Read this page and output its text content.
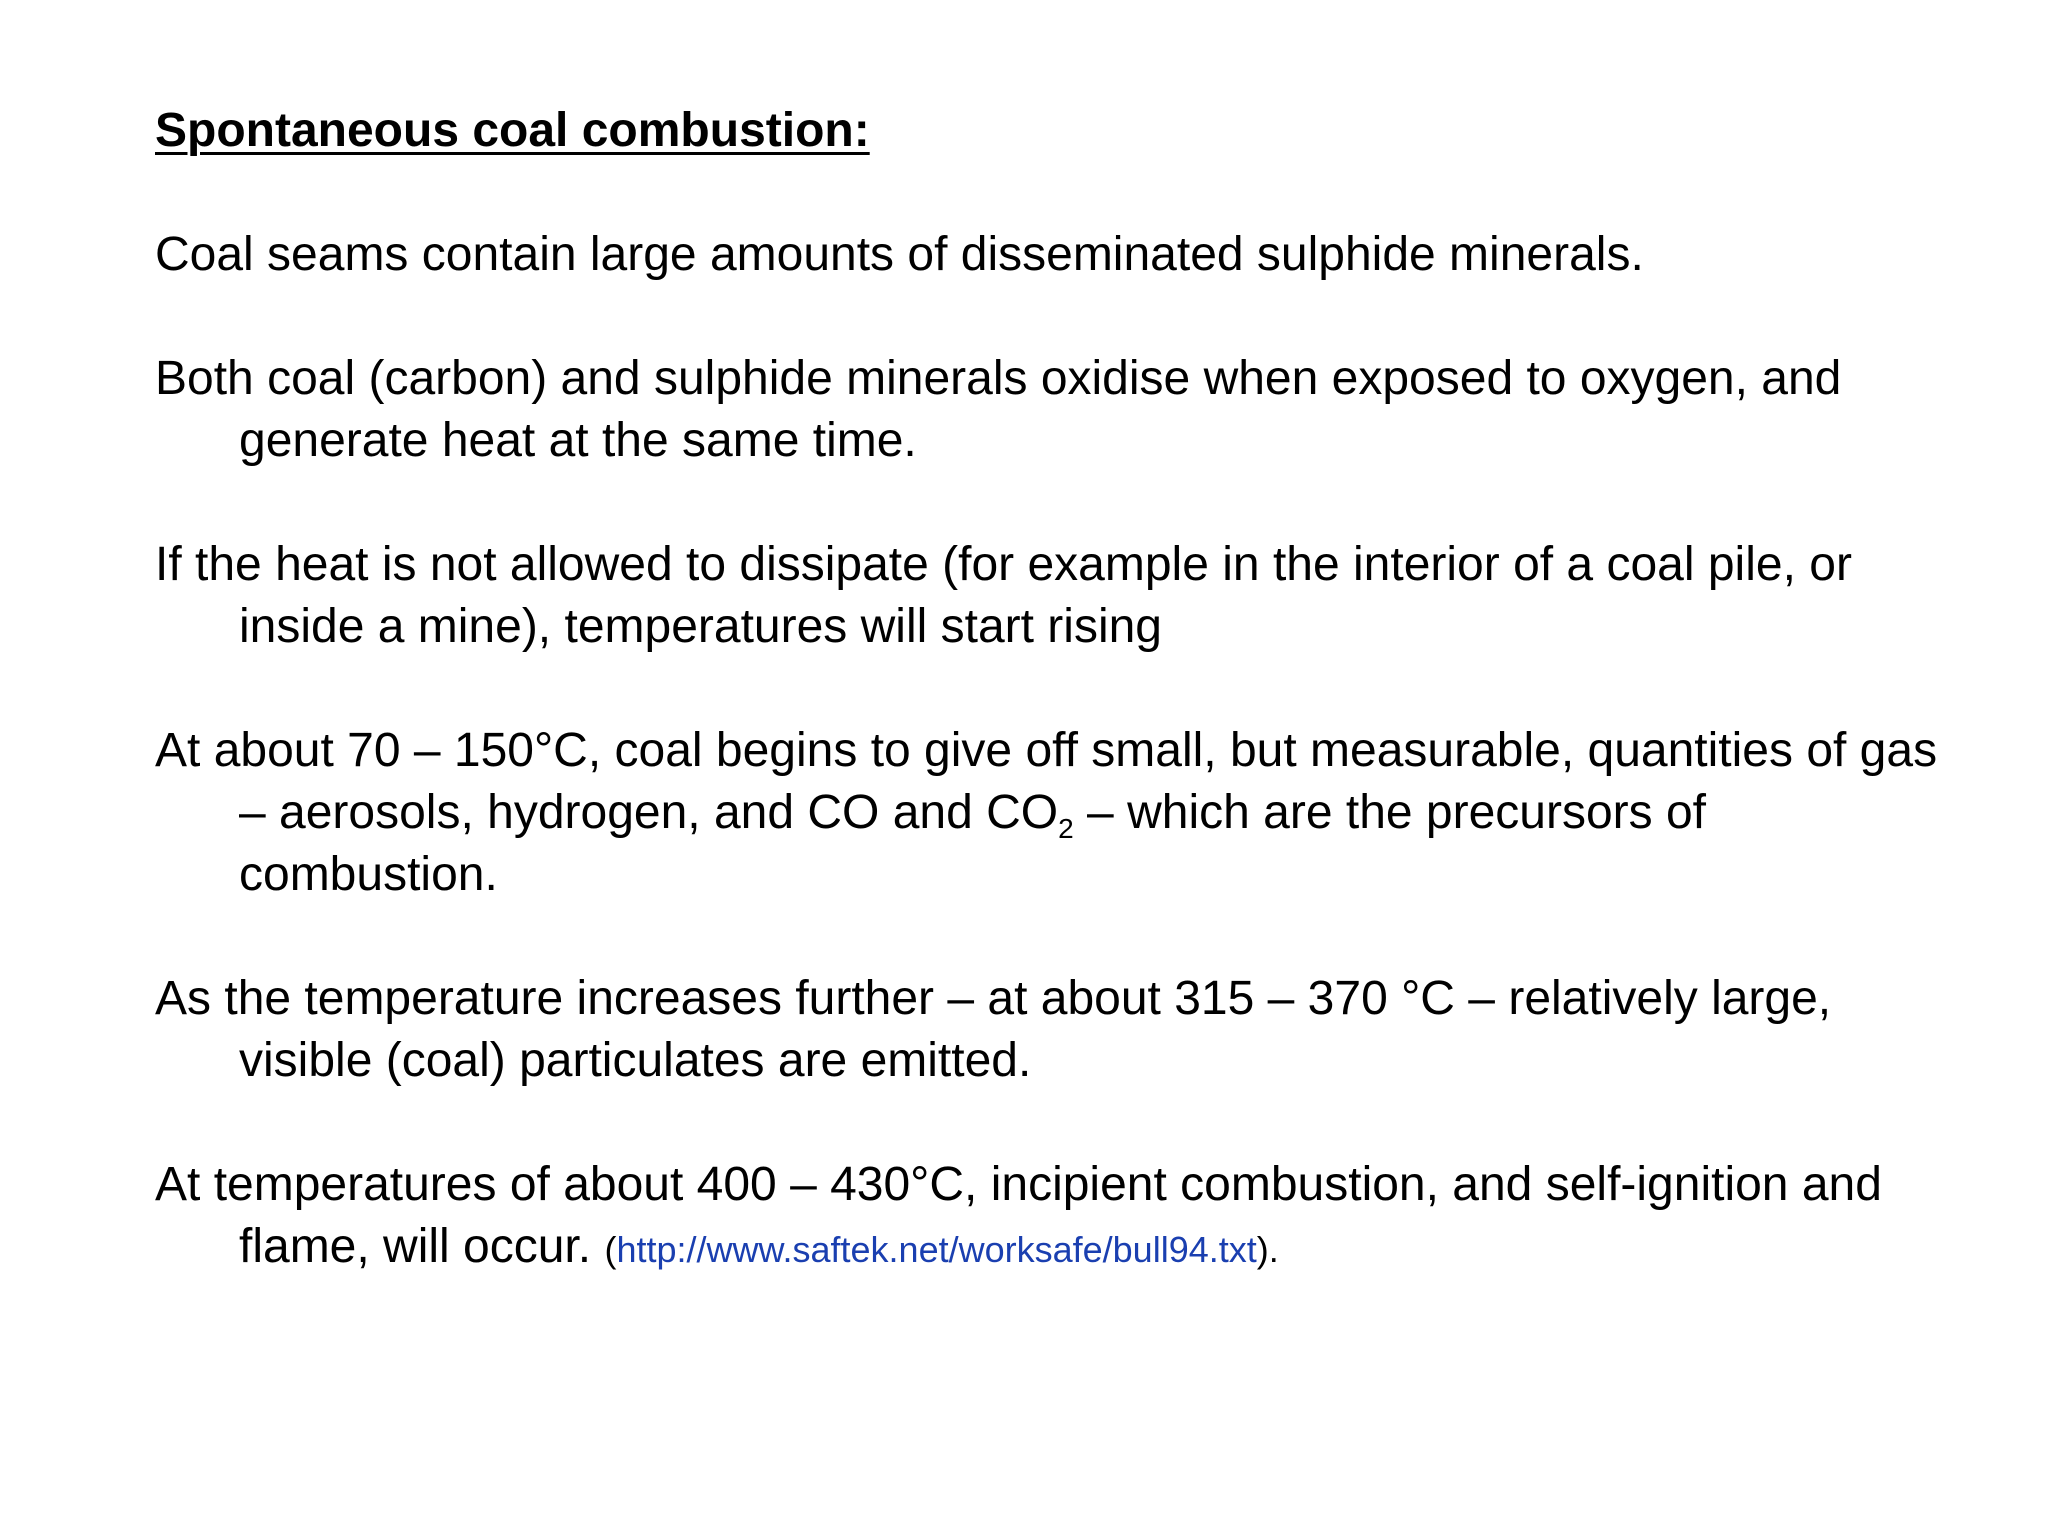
Spontaneous coal combustion:
Coal seams contain large amounts of disseminated sulphide minerals.
Both coal (carbon) and sulphide minerals oxidise when exposed to oxygen, and generate heat at the same time.
If the heat is not allowed to dissipate (for example in the interior of a coal pile, or inside a mine), temperatures will start rising
At about 70 – 150°C, coal begins to give off small, but measurable, quantities of gas – aerosols, hydrogen, and CO and $CO_2$ – which are the precursors of combustion.
As the temperature increases further – at about 315 – 370 °C – relatively large, visible (coal) particulates are emitted.
At temperatures of about 400 – 430°C, incipient combustion, and self-ignition and flame, will occur. (http://www.saftek.net/worksafe/bull94.txt).
